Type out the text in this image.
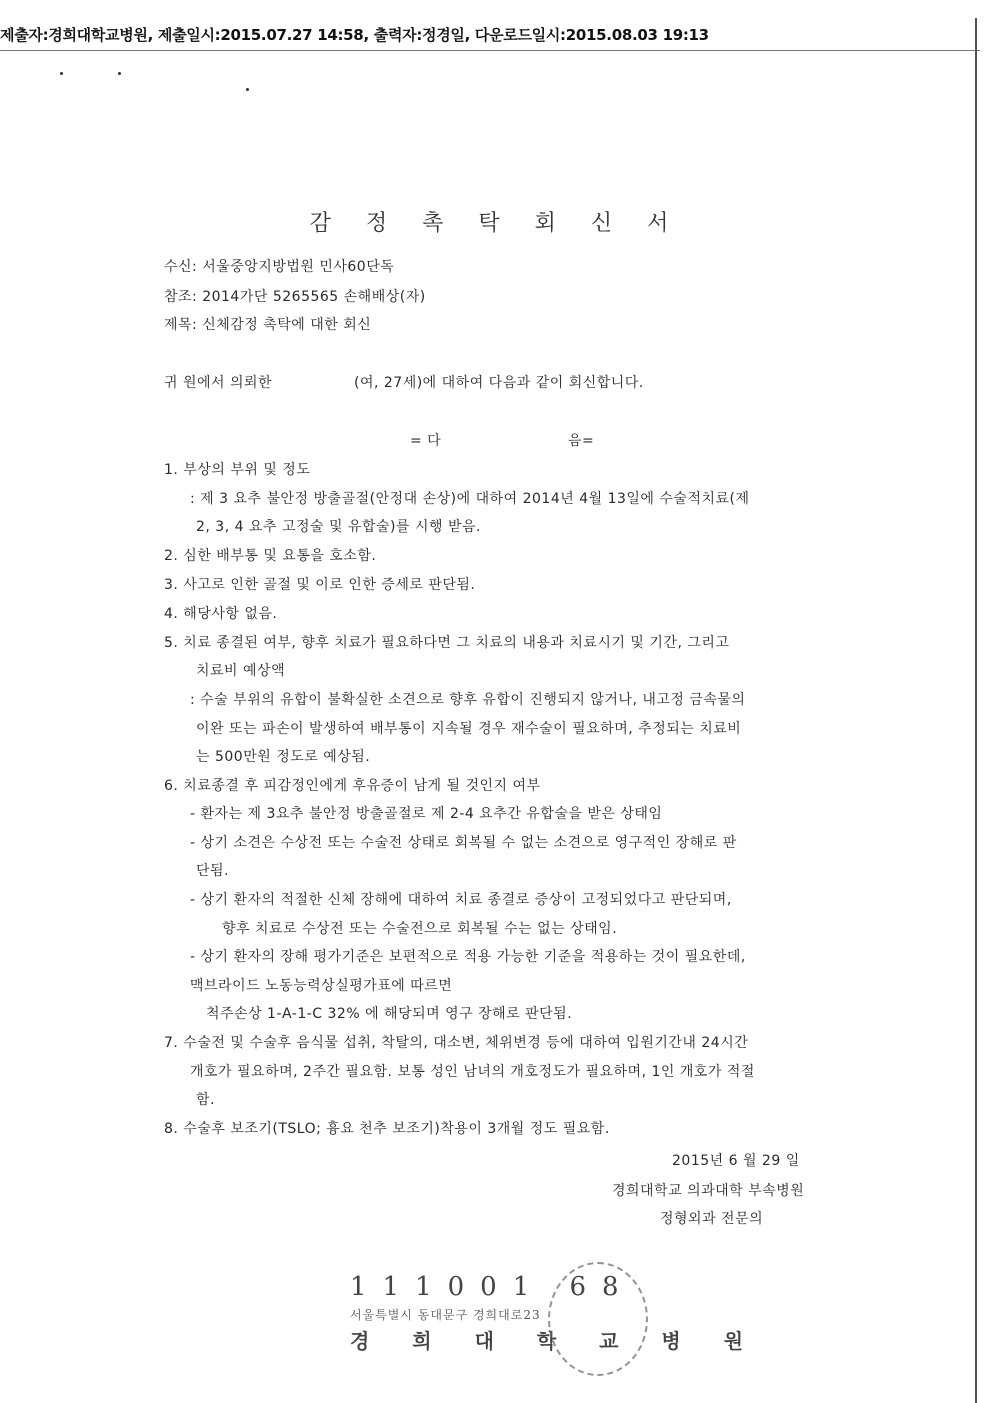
제출자:경희대학교병원, 제출일시:2015.07.27 14:58, 출력자:정경일, 다운로드일시:2015.08.03 19:13
감 정 촉 탁 회 신 서
수신: 서울중앙지방법원 민사60단독
참조: 2014가단 5265565 손해배상(자)
제목: 신체감정 촉탁에 대한 회신
귀 원에서 의뢰한	(여, 27세)에 대하여 다음과 같이 회신합니다.
= 다	음=
1. 부상의 부위 및 정도
: 제 3 요추 불안정 방출골절(안정대 손상)에 대하여 2014년 4월 13일에 수술적치료(제
2, 3, 4 요추 고정술 및 유합술)를 시행 받음.
2. 심한 배부통 및 요통을 호소함.
3. 사고로 인한 골절 및 이로 인한 증세로 판단됨.
4. 해당사항 없음.
5. 치료 종결된 여부, 향후 치료가 필요하다면 그 치료의 내용과 치료시기 및 기간, 그리고
치료비 예상액
: 수술 부위의 유합이 불확실한 소견으로 향후 유합이 진행되지 않거나, 내고정 금속물의
이완 또는 파손이 발생하여 배부통이 지속될 경우 재수술이 필요하며, 추정되는 치료비
는 500만원 정도로 예상됨.
6. 치료종결 후 피감정인에게 후유증이 남게 될 것인지 여부
- 환자는 제 3요추 불안정 방출골절로 제 2-4 요추간 유합술을 받은 상태임
- 상기 소견은 수상전 또는 수술전 상태로 회복될 수 없는 소견으로 영구적인 장해로 판
단됨.
- 상기 환자의 적절한 신체 장해에 대하여 치료 종결로 증상이 고정되었다고 판단되며,
향후 치료로 수상전 또는 수술전으로 회복될 수는 없는 상태임.
- 상기 환자의 장해 평가기준은 보편적으로 적용 가능한 기준을 적용하는 것이 필요한데,
맥브라이드 노동능력상실평가표에 따르면
척주손상 1-A-1-C 32% 에 해당되며 영구 장해로 판단됨.
7. 수술전 및 수술후 음식물 섭취, 착탈의, 대소변, 체위변경 등에 대하여 입원기간내 24시간
개호가 필요하며, 2주간 필요함. 보통 성인 남녀의 개호정도가 필요하며, 1인 개호가 적절
함.
8. 수술후 보조기(TSLO; 흉요 천추 보조기)착용이 3개월 정도 필요함.
2015년 6 월 29 일
경희대학교 의과대학 부속병원
정형외과 전문의
111001 68
서울특별시 동대문구 경희대로23
경 희 대 학 교 병 원
